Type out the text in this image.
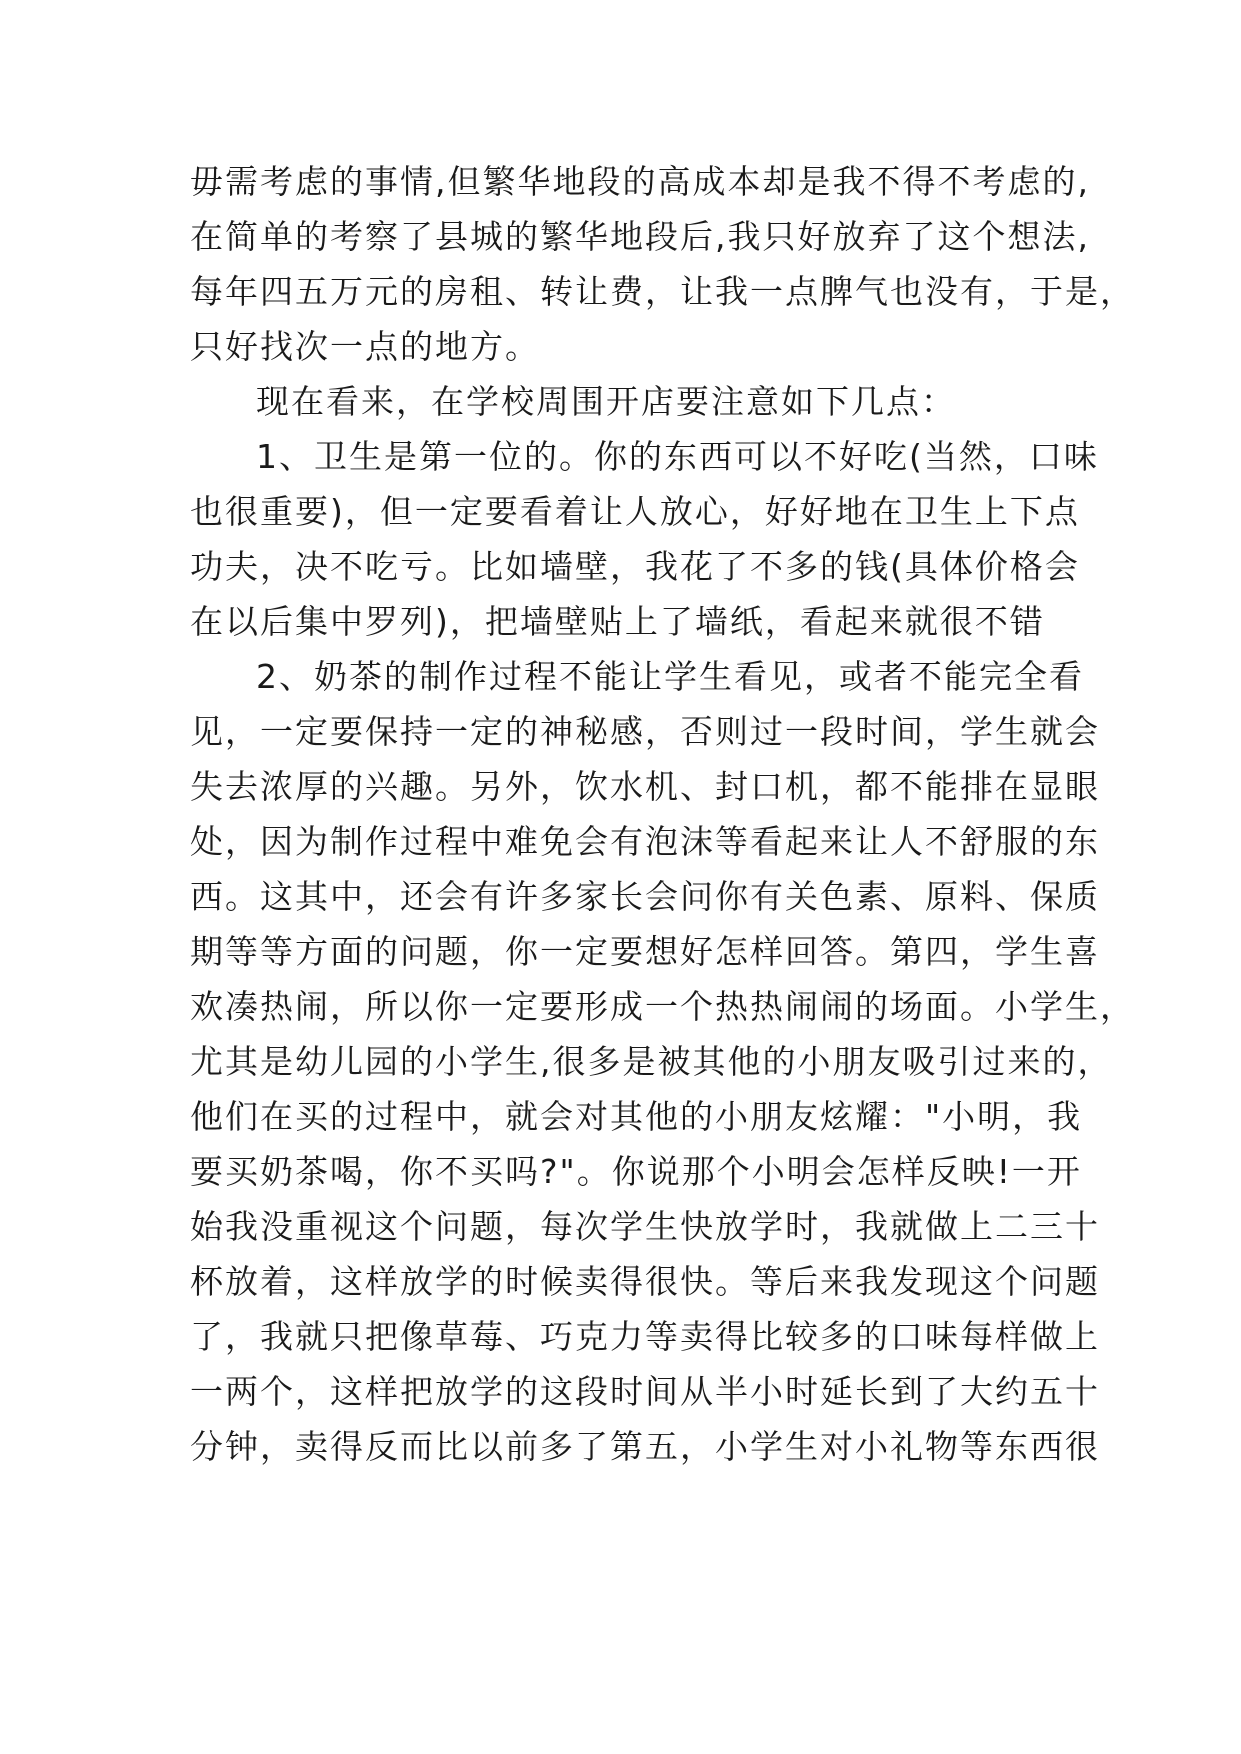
毋需考虑的事情,但繁华地段的高成本却是我不得不考虑的,
在简单的考察了县城的繁华地段后,我只好放弃了这个想法,
每年四五万元的房租、转让费，让我一点脾气也没有，于是，
只好找次一点的地方。
现在看来，在学校周围开店要注意如下几点：
1、卫生是第一位的。你的东西可以不好吃(当然，口味
也很重要)，但一定要看着让人放心，好好地在卫生上下点
功夫，决不吃亏。比如墙壁，我花了不多的钱(具体价格会
在以后集中罗列)，把墙壁贴上了墙纸，看起来就很不错
2、奶茶的制作过程不能让学生看见，或者不能完全看
见，一定要保持一定的神秘感，否则过一段时间，学生就会
失去浓厚的兴趣。另外，饮水机、封口机，都不能排在显眼
处，因为制作过程中难免会有泡沫等看起来让人不舒服的东
西。这其中，还会有许多家长会问你有关色素、原料、保质
期等等方面的问题，你一定要想好怎样回答。第四，学生喜
欢凑热闹，所以你一定要形成一个热热闹闹的场面。小学生，
尤其是幼儿园的小学生,很多是被其他的小朋友吸引过来的，
他们在买的过程中，就会对其他的小朋友炫耀："小明，我
要买奶茶喝，你不买吗?"。你说那个小明会怎样反映!一开
始我没重视这个问题，每次学生快放学时，我就做上二三十
杯放着，这样放学的时候卖得很快。等后来我发现这个问题
了，我就只把像草莓、巧克力等卖得比较多的口味每样做上
一两个，这样把放学的这段时间从半小时延长到了大约五十
分钟，卖得反而比以前多了第五，小学生对小礼物等东西很
